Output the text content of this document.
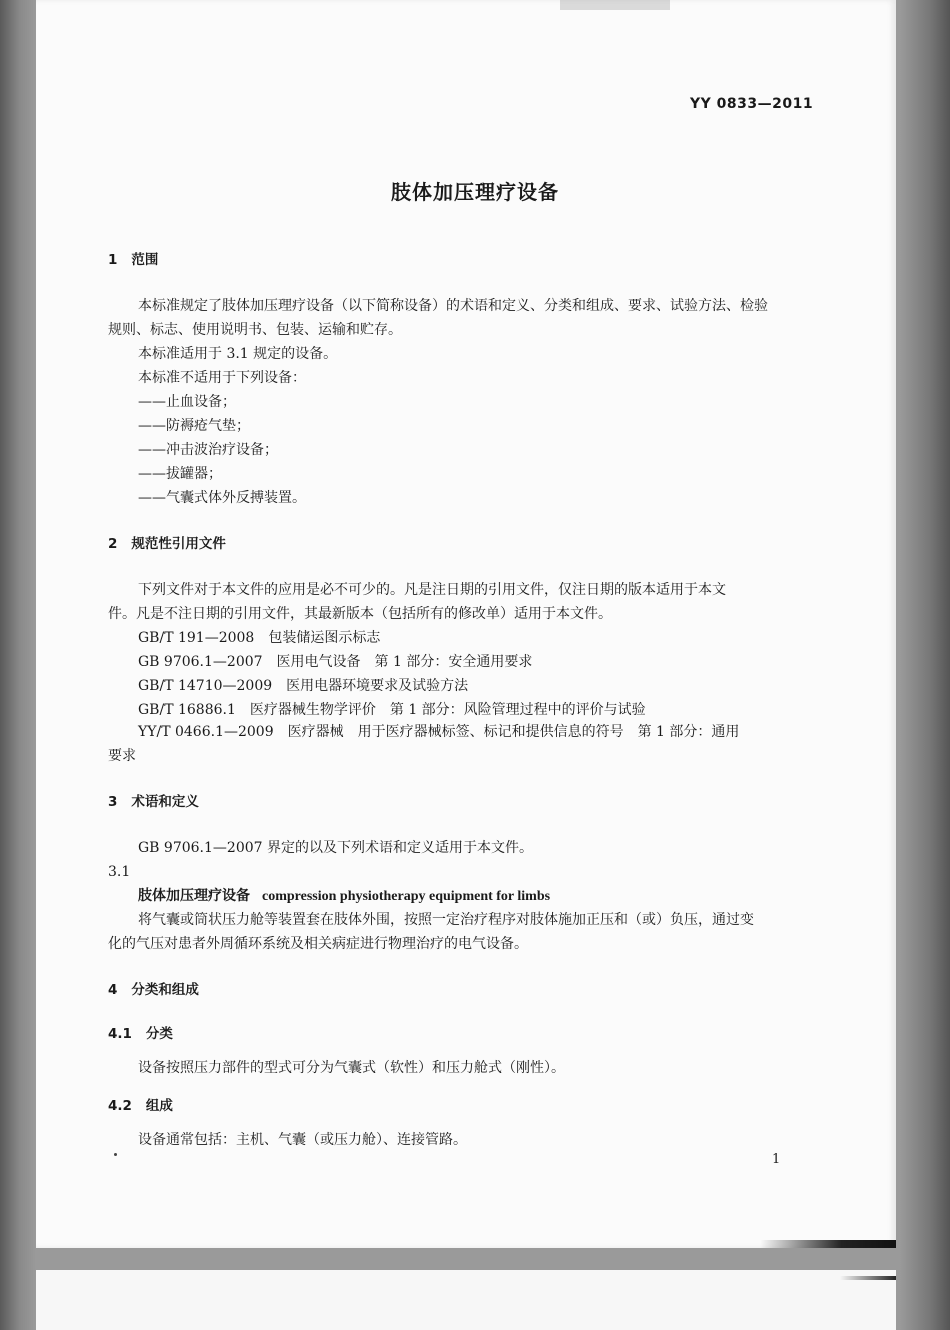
YY 0833—2011
肢体加压理疗设备
1 范围
本标准规定了肢体加压理疗设备（以下简称设备）的术语和定义、分类和组成、要求、试验方法、检验
规则、标志、使用说明书、包装、运输和贮存。
本标准适用于 3.1 规定的设备。
本标准不适用于下列设备：
——止血设备；
——防褥疮气垫；
——冲击波治疗设备；
——拔罐器；
——气囊式体外反搏装置。
2 规范性引用文件
下列文件对于本文件的应用是必不可少的。凡是注日期的引用文件，仅注日期的版本适用于本文
件。凡是不注日期的引用文件，其最新版本（包括所有的修改单）适用于本文件。
GB/T 191—2008 包装储运图示标志
GB 9706.1—2007 医用电气设备　第 1 部分：安全通用要求
GB/T 14710—2009 医用电器环境要求及试验方法
GB/T 16886.1 医疗器械生物学评价　第 1 部分：风险管理过程中的评价与试验
YY/T 0466.1—2009 医疗器械　用于医疗器械标签、标记和提供信息的符号　第 1 部分：通用
要求
3 术语和定义
GB 9706.1—2007 界定的以及下列术语和定义适用于本文件。
3.1
肢体加压理疗设备 compression physiotherapy equipment for limbs
将气囊或筒状压力舱等装置套在肢体外围，按照一定治疗程序对肢体施加正压和（或）负压，通过变
化的气压对患者外周循环系统及相关病症进行物理治疗的电气设备。
4 分类和组成
4.1 分类
设备按照压力部件的型式可分为气囊式（软性）和压力舱式（刚性）。
4.2 组成
设备通常包括：主机、气囊（或压力舱）、连接管路。
1
